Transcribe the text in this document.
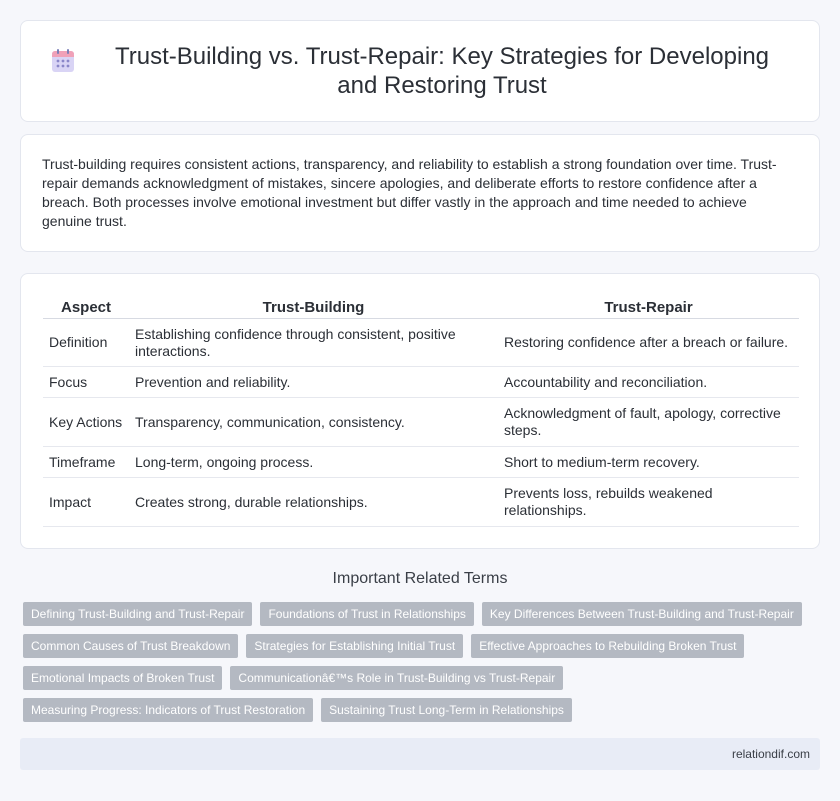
Trust-Building vs. Trust-Repair: Key Strategies for Developing and Restoring Trust

Trust-building requires consistent actions, transparency, and reliability to establish a strong foundation over time. Trust-repair demands acknowledgment of mistakes, sincere apologies, and deliberate efforts to restore confidence after a breach. Both processes involve emotional investment but differ vastly in the approach and time needed to achieve genuine trust.

Aspect	Trust-Building	Trust-Repair
Definition	Establishing confidence through consistent, positive interactions.	Restoring confidence after a breach or failure.
Focus	Prevention and reliability.	Accountability and reconciliation.
Key Actions	Transparency, communication, consistency.	Acknowledgment of fault, apology, corrective steps.
Timeframe	Long-term, ongoing process.	Short to medium-term recovery.
Impact	Creates strong, durable relationships.	Prevents loss, rebuilds weakened relationships.
Important Related Terms
Defining Trust-Building and Trust-Repair	Foundations of Trust in Relationships	Key Differences Between Trust-Building and Trust-Repair
Common Causes of Trust Breakdown	Strategies for Establishing Initial Trust	Effective Approaches to Rebuilding Broken Trust
Emotional Impacts of Broken Trust	Communicationâ€™s Role in Trust-Building vs Trust-Repair
Measuring Progress: Indicators of Trust Restoration	Sustaining Trust Long-Term in Relationships
relationdif.com
